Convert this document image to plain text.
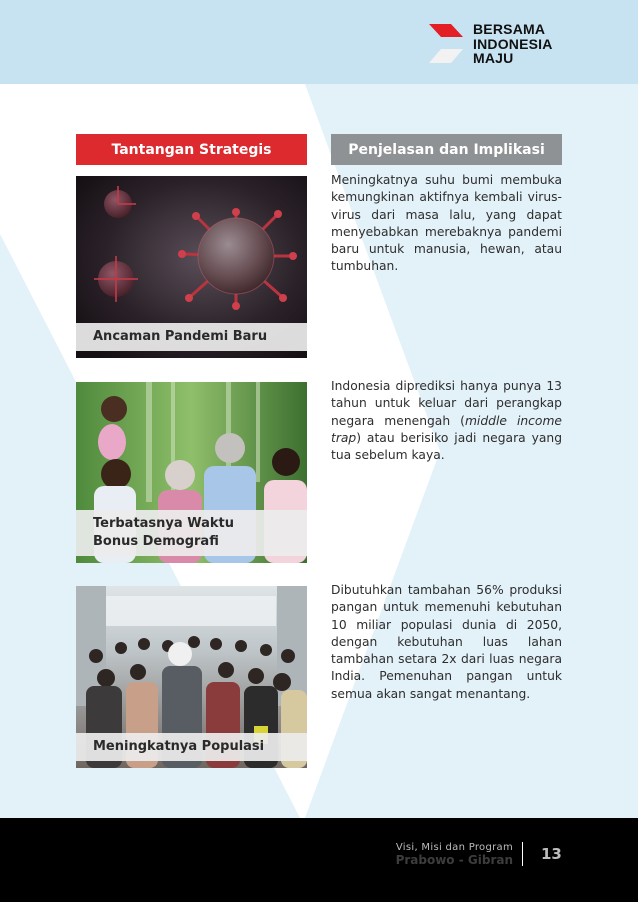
BERSAMA
INDONESIA
MAJU
Tantangan Strategis	Penjelasan dan Implikasi
Ancaman Pandemi Baru
Meningkatnya suhu bumi membuka kemungkinan aktifnya kembali virus-virus dari masa lalu, yang dapat menyebabkan merebaknya pandemi baru untuk manusia, hewan, atau tumbuhan.
Terbatasnya Waktu
Bonus Demografi
Indonesia diprediksi hanya punya 13 tahun untuk keluar dari perangkap negara menengah (middle income trap) atau berisiko jadi negara yang tua sebelum kaya.
Meningkatnya Populasi
Dibutuhkan tambahan 56% produksi pangan untuk memenuhi kebutuhan 10 miliar populasi dunia di 2050, dengan kebutuhan luas lahan tambahan setara 2x dari luas negara India. Pemenuhan pangan untuk semua akan sangat menantang.
Visi, Misi dan Program
Prabowo - Gibran 13
